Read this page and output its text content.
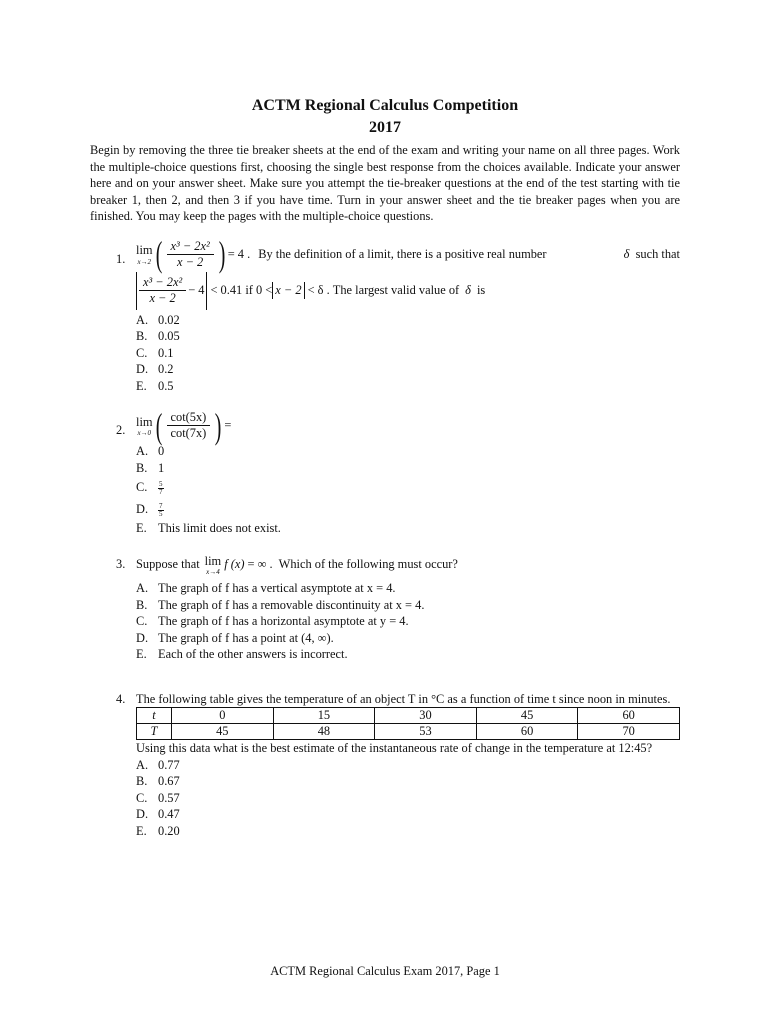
ACTM Regional Calculus Competition
2017

Begin by removing the three tie breaker sheets at the end of the exam and writing your name on all three pages. Work the multiple-choice questions first, choosing the single best response from the choices available. Indicate your answer here and on your answer sheet. Make sure you attempt the tie-breaker questions at the end of the test starting with tie breaker 1, then 2, and then 3 if you have time. Turn in your answer sheet and the tie breaker pages when you are finished. You may keep the pages with the multiple-choice questions.

1.
lim
x→2 ( $\frac{\text{x³ − 2x²}}{x - 2}$ ) = 4 . By the definition of a limit, there is a positive real number	δ such that
$\frac{\text{x³ − 2x²}}{x - 2} - 4 < 0.41$ if 0 < x − 2 < δ . The largest valid value of δ is
A. 0.02
B. 0.05
C. 0.1
D. 0.2
E. 0.5
2.
lim
x→0 ( $\frac{\cot(5x)}{\cot(7x)}$ ) =
A. 0
B. 1
C. $\frac{5}{7}$
D. $\frac{7}{5}$
E. This limit does not exist.
3. Suppose that lim
x→4
f (x) = ∞ . Which of the following must occur?
A. The graph of f has a vertical asymptote at x = 4.
B. The graph of f has a removable discontinuity at x = 4.
C. The graph of f has a horizontal asymptote at y = 4.
D. The graph of f has a point at (4, ∞).
E. Each of the other answers is incorrect.
4. The following table gives the temperature of an object T in °C as a function of time t since noon in minutes.
t	0	15	30	45	60
T	45	48	53	60	70
Using this data what is the best estimate of the instantaneous rate of change in the temperature at 12:45?
A. 0.77
B. 0.67
C. 0.57
D. 0.47
E. 0.20
ACTM Regional Calculus Exam 2017, Page 1
